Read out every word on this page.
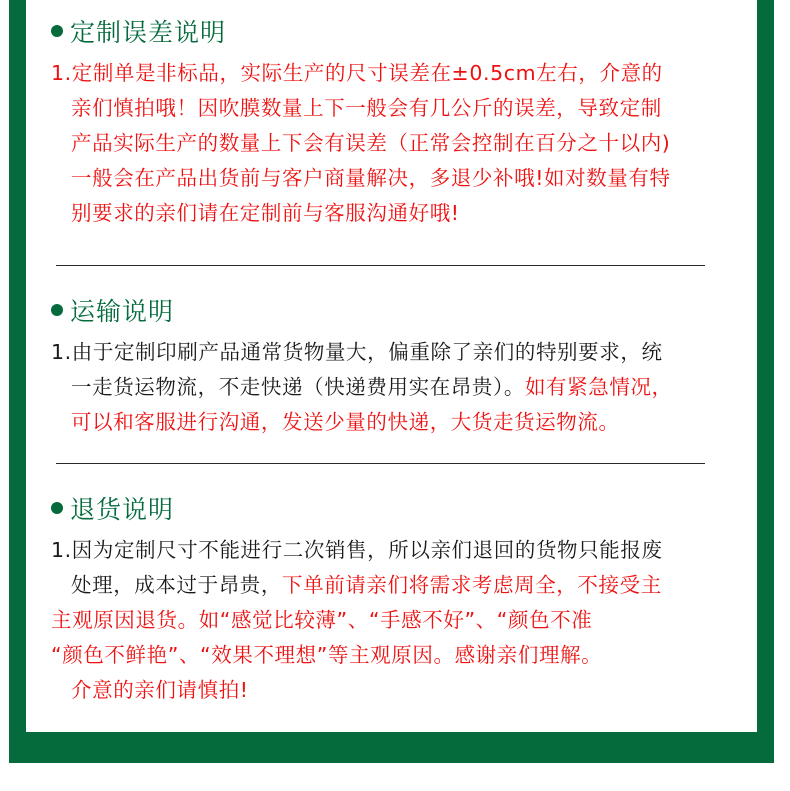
定制误差说明
1.定制单是非标品，实际生产的尺寸误差在±0.5cm左右，介意的
亲们慎拍哦！因吹膜数量上下一般会有几公斤的误差，导致定制
产品实际生产的数量上下会有误差（正常会控制在百分之十以内)
一般会在产品出货前与客户商量解决，多退少补哦!如对数量有特
别要求的亲们请在定制前与客服沟通好哦!
运输说明
1.由于定制印刷产品通常货物量大，偏重除了亲们的特别要求，统
一走货运物流，不走快递（快递费用实在昂贵）。如有紧急情况，
可以和客服进行沟通，发送少量的快递，大货走货运物流。
退货说明
1.因为定制尺寸不能进行二次销售，所以亲们退回的货物只能报废
处理，成本过于昂贵，下单前请亲们将需求考虑周全，不接受主
主观原因退货。如“感觉比较薄”、“手感不好”、“颜色不准
“颜色不鲜艳”、“效果不理想”等主观原因。感谢亲们理解。
介意的亲们请慎拍!
